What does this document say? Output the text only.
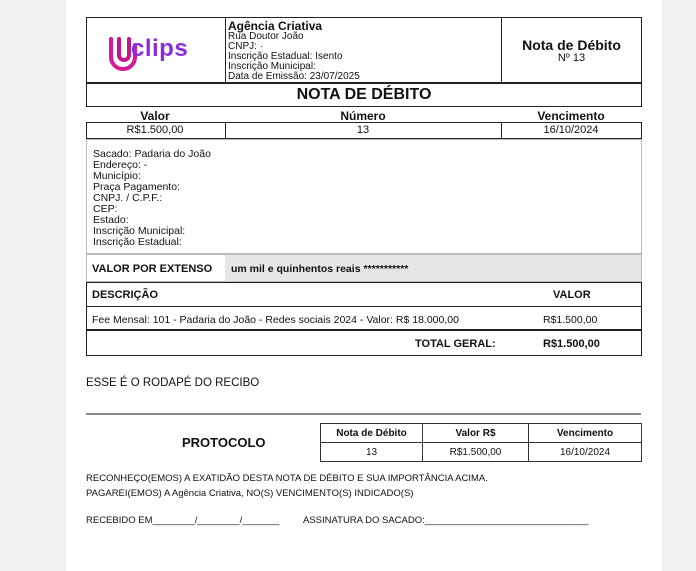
clips
Agência Criativa
Rua Doutor João
CNPJ: ·
Inscrição Estadual: Isento
Inscrição Municipal:
Data de Emissão: 23/07/2025
Nota de Débito
Nº 13
NOTA DE DÉBITO
Valor	Número	Vencimento
R$1.500,00	13	16/10/2024
Sacado: Padaria do João
Endereço: -
Município:
Praça Pagamento:
CNPJ. / C.P.F.:
CEP:
Estado:
Inscrição Municipal:
Inscrição Estadual:
VALOR POR EXTENSO um mil e quinhentos reais ***********
DESCRIÇÃO	VALOR
Fee Mensal: 101 - Padaria do João - Redes sociais 2024 - Valor: R$ 18.000,00	R$1.500,00
TOTAL GERAL:	R$1.500,00
ESSE É O RODAPÉ DO RECIBO
PROTOCOLO
Nota de Débito	Valor R$	Vencimento
13	R$1.500,00	16/10/2024
RECONHEÇO(EMOS) A EXATIDÃO DESTA NOTA DE DÉBITO E SUA IMPORTÂNCIA ACIMA.
PAGAREI(EMOS) A Agência Criativa, NO(S) VENCIMENTO(S) INDICADO(S)
RECEBIDO EM________/________/_______ ASSINATURA DO SACADO:_______________________________
